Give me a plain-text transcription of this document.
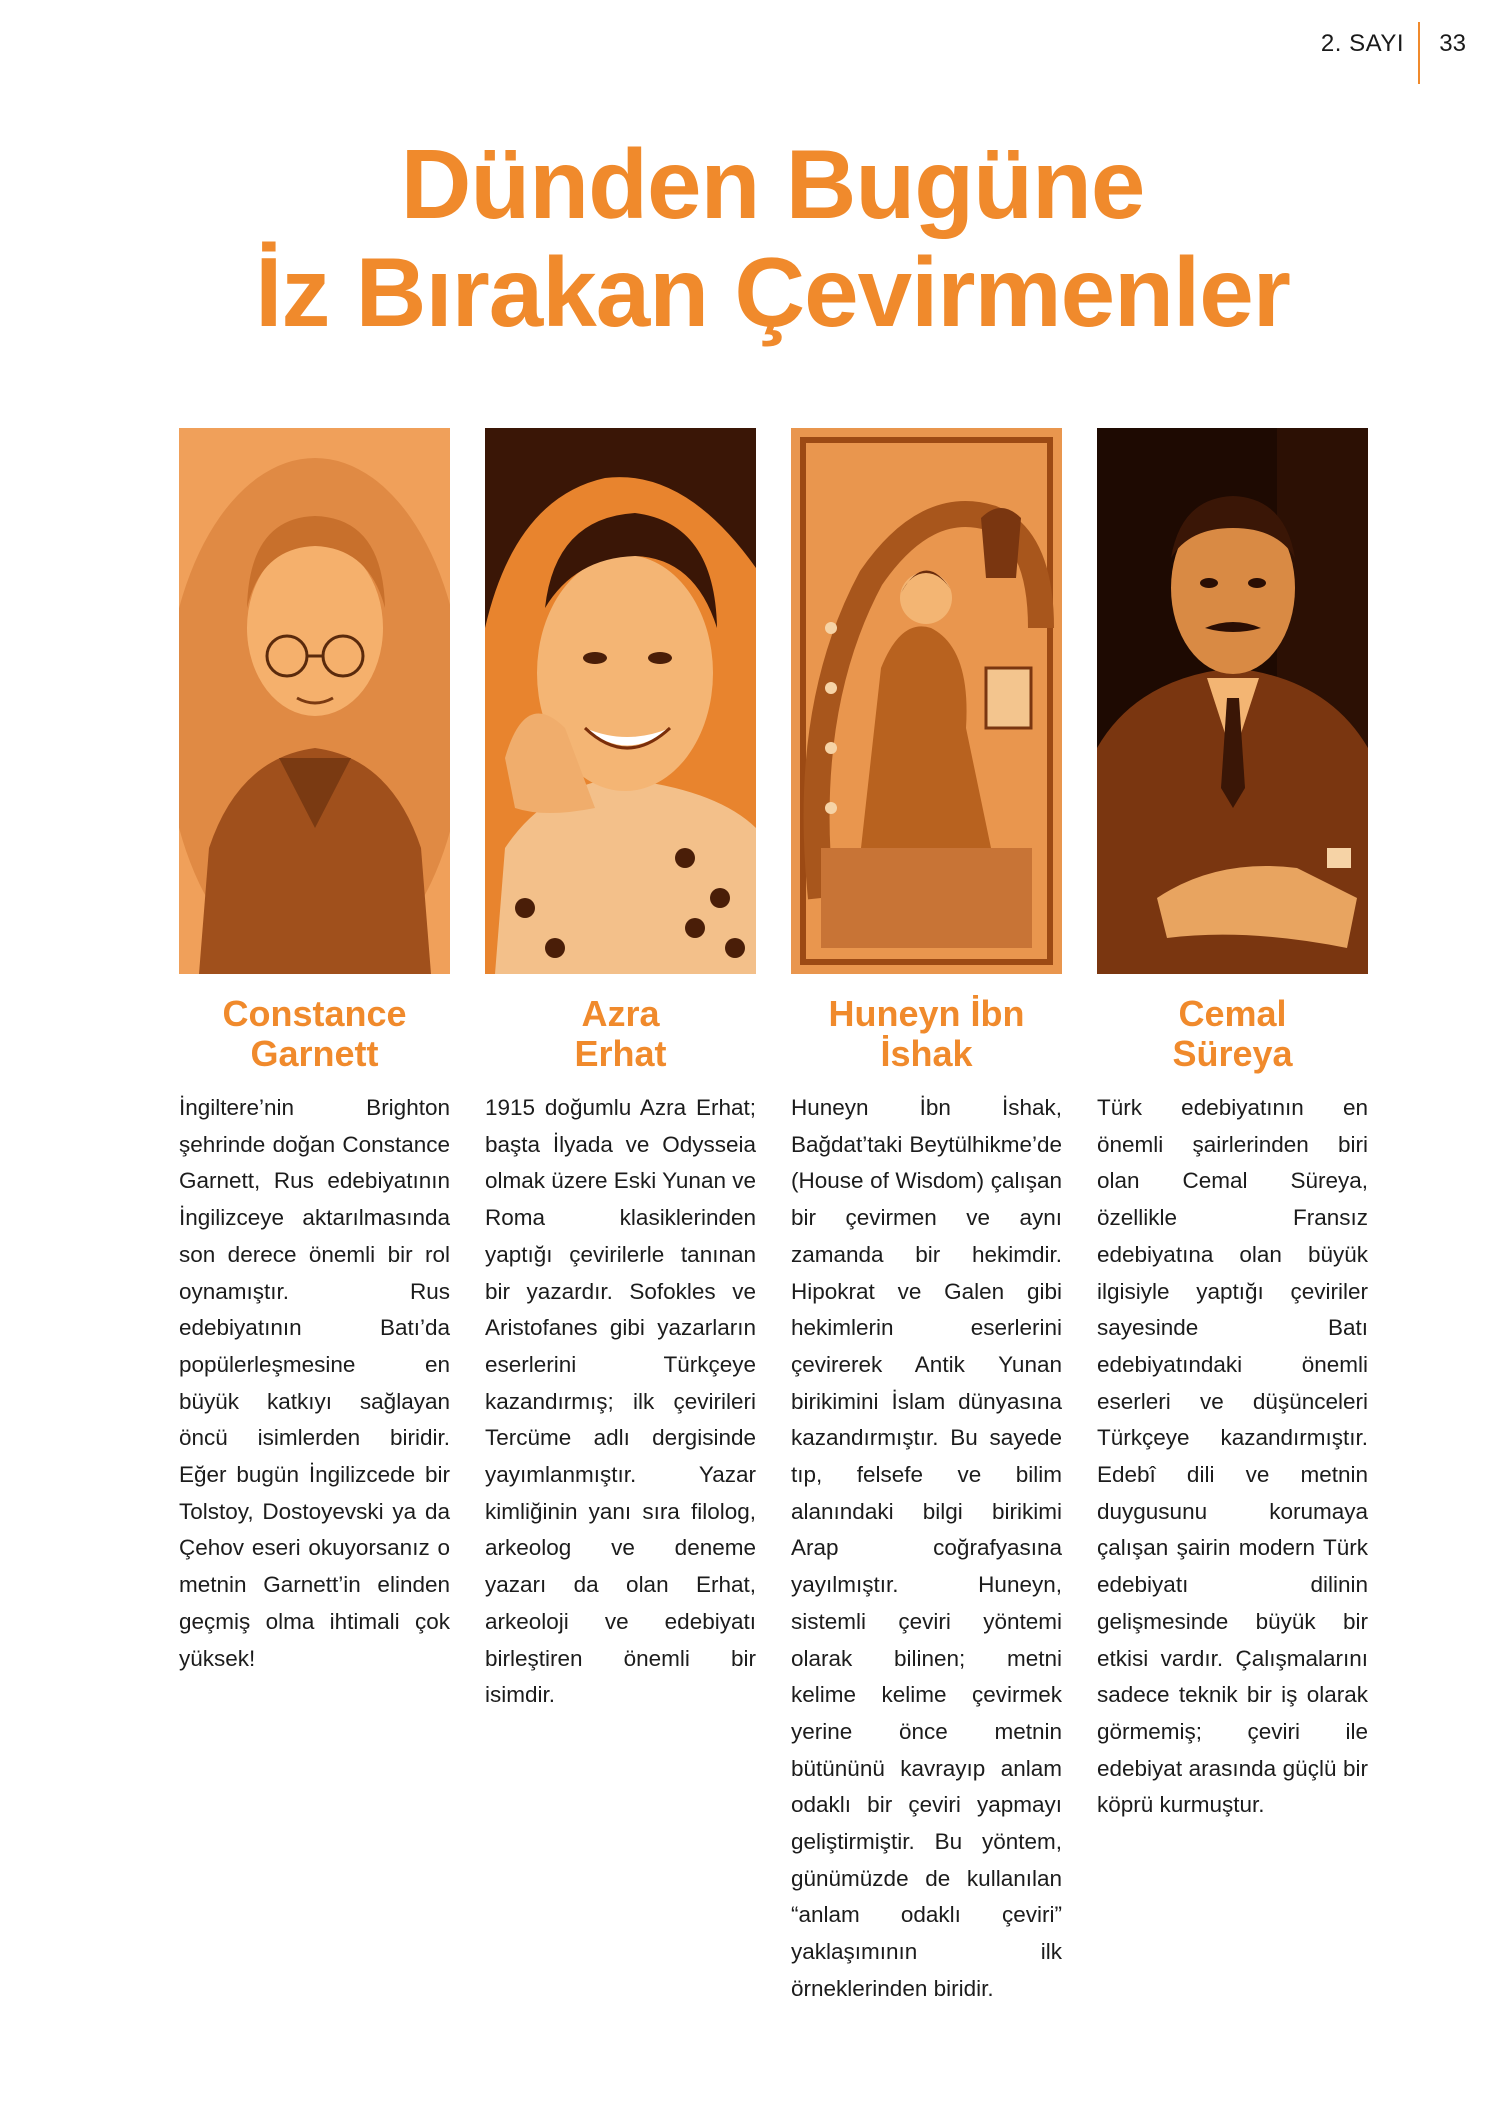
2. SAYI 33
Dünden Bugüne
İz Bırakan Çevirmenler
Constance
Garnett
İngiltere’nin Brighton şehrinde doğan Constance Garnett, Rus edebiyatının İngilizceye aktarılmasında son derece önemli bir rol oynamıştır. Rus edebiyatının Batı’da popülerleşmesine en büyük katkıyı sağlayan öncü isimlerden biridir. Eğer bugün İngilizcede bir Tolstoy, Dostoyevski ya da Çehov eseri okuyorsanız o metnin Garnett’in elinden geçmiş olma ihtimali çok yüksek!
Azra
Erhat
1915 doğumlu Azra Erhat; başta İlyada ve Odysseia olmak üzere Eski Yunan ve Roma klasiklerinden yaptığı çevirilerle tanınan bir yazardır. Sofokles ve Aristofanes gibi yazarların eserlerini Türkçeye kazandırmış; ilk çevirileri Tercüme adlı dergisinde yayımlanmıştır. Yazar kimliğinin yanı sıra filolog, arkeolog ve deneme yazarı da olan Erhat, arkeoloji ve edebiyatı birleştiren önemli bir isimdir.
Huneyn İbn
İshak
Huneyn İbn İshak, Bağdat’taki Beytülhikme’de (House of Wisdom) çalışan bir çevirmen ve aynı zamanda bir hekimdir. Hipokrat ve Galen gibi hekimlerin eserlerini çevirerek Antik Yunan birikimini İslam dünyasına kazandırmıştır. Bu sayede tıp, felsefe ve bilim alanındaki bilgi birikimi Arap coğrafyasına yayılmıştır. Huneyn, sistemli çeviri yöntemi olarak bilinen; metni kelime kelime çevirmek yerine önce metnin bütününü kavrayıp anlam odaklı bir çeviri yapmayı geliştirmiştir. Bu yöntem, günümüzde de kullanılan “anlam odaklı çeviri” yaklaşımının ilk örneklerinden biridir.
Cemal
Süreya
Türk edebiyatının en önemli şairlerinden biri olan Cemal Süreya, özellikle Fransız edebiyatına olan büyük ilgisiyle yaptığı çeviriler sayesinde Batı edebiyatındaki önemli eserleri ve düşünceleri Türkçeye kazandırmıştır. Edebî dili ve metnin duygusunu korumaya çalışan şairin modern Türk edebiyatı dilinin gelişmesinde büyük bir etkisi vardır. Çalışmalarını sadece teknik bir iş olarak görmemiş; çeviri ile edebiyat arasında güçlü bir köprü kurmuştur.
